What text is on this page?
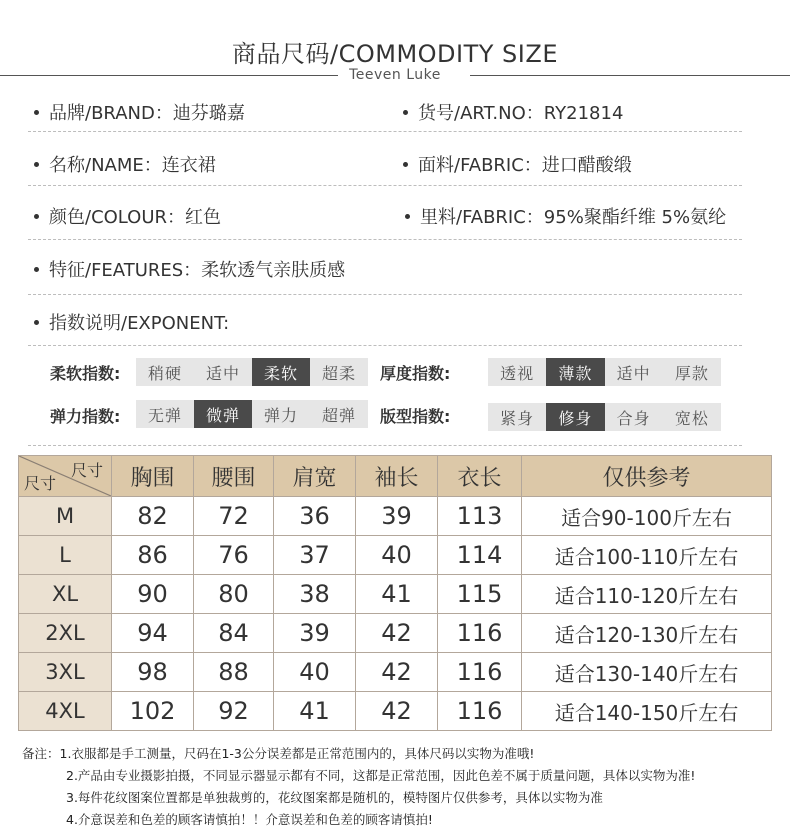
商品尺码/COMMODITY SIZE
Teeven Luke
品牌/BRAND：迪芬璐嘉	货号/ART.NO：RY21814
名称/NAME：连衣裙	面料/FABRIC：进口醋酸缎
颜色/COLOUR：红色	里料/FABRIC：95%聚酯纤维 5%氨纶
特征/FEATURES：柔软透气亲肤质感
指数说明/EXPONENT:
柔软指数:	稍硬	适中	柔软	超柔	厚度指数:	透视	薄款	适中	厚款
弹力指数:	无弹	微弹	弹力	超弹	版型指数:	紧身	修身	合身	宽松
尺寸
尺寸	胸围	腰围	肩宽	袖长	衣长	仅供参考
M	82	72	36	39	113	适合90-100斤左右
L	86	76	37	40	114	适合100-110斤左右
XL	90	80	38	41	115	适合110-120斤左右
2XL	94	84	39	42	116	适合120-130斤左右
3XL	98	88	40	42	116	适合130-140斤左右
4XL	102	92	41	42	116	适合140-150斤左右
备注：1.衣服都是手工测量，尺码在1-3公分误差都是正常范围内的，具体尺码以实物为准哦!
2.产品由专业摄影拍摄，不同显示器显示都有不同，这都是正常范围，因此色差不属于质量问题，具体以实物为准!
3.每件花纹图案位置都是单独裁剪的，花纹图案都是随机的，模特图片仅供参考，具体以实物为准
4.介意误差和色差的顾客请慎拍！！介意误差和色差的顾客请慎拍!
